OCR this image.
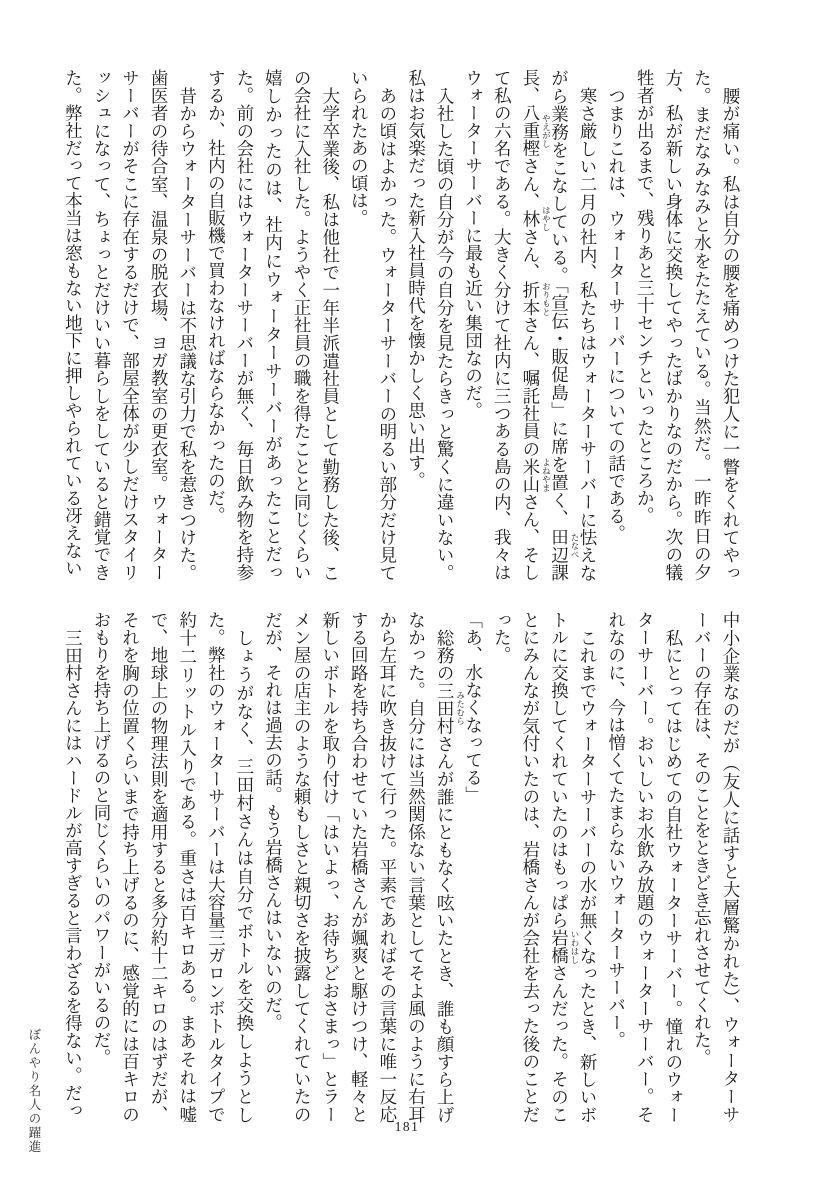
腰が痛い。私は自分の腰を痛めつけた犯人に一瞥をくれてやった。まだなみなみと水をたたえている。当然だ。一昨昨日の夕方、私が新しい身体に交換してやったばかりなのだから。次の犠牲者が出るまで、残りあと三十センチといったところか。

つまりこれは、ウォーターサーバーについての話である。

寒さ厳しい二月の社内、私たちはウォーターサーバーに怯えながら業務をこなしている。「宣伝・販促島」に席を置く、田辺 たなべ
課長、八重樫 やえがし
さん、林 はやし
さん、折本 おりもと
さん、嘱託社員の米山 よねやま
さん、そして私の六名である。大きく分けて社内に三つある島の内、我々はウォーターサーバーに最も近い集団なのだ。

入社した頃の自分が今の自分を見たらきっと驚くに違いない。私はお気楽だった新入社員時代を懐かしく思い出す。

あの頃はよかった。ウォーターサーバーの明るい部分だけ見ていられたあの頃は。

大学卒業後、私は他社で一年半派遣社員として勤務した後、この会社に入社した。ようやく正社員の職を得たことと同じくらい嬉しかったのは、社内にウォーターサーバーがあったことだった。前の会社にはウォーターサーバーが無く、毎日飲み物を持参するか、社内の自販機で買わなければならなかったのだ。

昔からウォーターサーバーは不思議な引力で私を惹きつけた。歯医者の待合室、温泉の脱衣場、ヨガ教室の更衣室。ウォーターサーバーがそこに存在するだけで、部屋全体が少しだけスタイリッシュになって、ちょっとだけいい暮らしをしていると錯覚できた。弊社だって本当は窓もない地下に押しやられている冴えない

中小企業なのだが（友人に話すと大層驚かれた）、ウォーターサーバーの存在は、そのことをときどき忘れさせてくれた。

私にとってはじめての自社ウォーターサーバー。憧れのウォーターサーバー。おいしいお水飲み放題のウォーターサーバー。それなのに、今は憎くてたまらないウォーターサーバー。

これまでウォーターサーバーの水が無くなったとき、新しいボトルに交換してくれていたのはもっぱら岩橋 いわはし
さんだった。そのことにみんなが気付いたのは、岩橋さんが会社を去った後のことだった。

「あ、水なくなってる」

総務の三田村 みたむら
さんが誰にともなく呟いたとき、誰も顔すら上げなかった。自分には当然関係ない言葉としてそよ風のように右耳から左耳に吹き抜けて行った。平素であればその言葉に唯一反応する回路を持ち合わせていた岩橋さんが颯爽と駆けつけ、軽々と新しいボトルを取り付け「はいよっ、お待ちどおさまっ」とラーメン屋の店主のような頼もしさと親切さを披露してくれていたのだが、それは過去の話。もう岩橋さんはいないのだ。

しょうがなく、三田村さんは自分でボトルを交換しようとした。弊社のウォーターサーバーは大容量三ガロンボトルタイプで約十二リットル入りである。重さは百キロある。まあそれは嘘で、地球上の物理法則を適用すると多分約十二キロのはずだが、それを胸の位置くらいまで持ち上げるのに、感覚的には百キロのおもりを持ち上げるのと同じくらいのパワーがいるのだ。

三田村さんにはハードルが高すぎると言わざるを得ない。だっ

ぼんやり名人の躍進	181
